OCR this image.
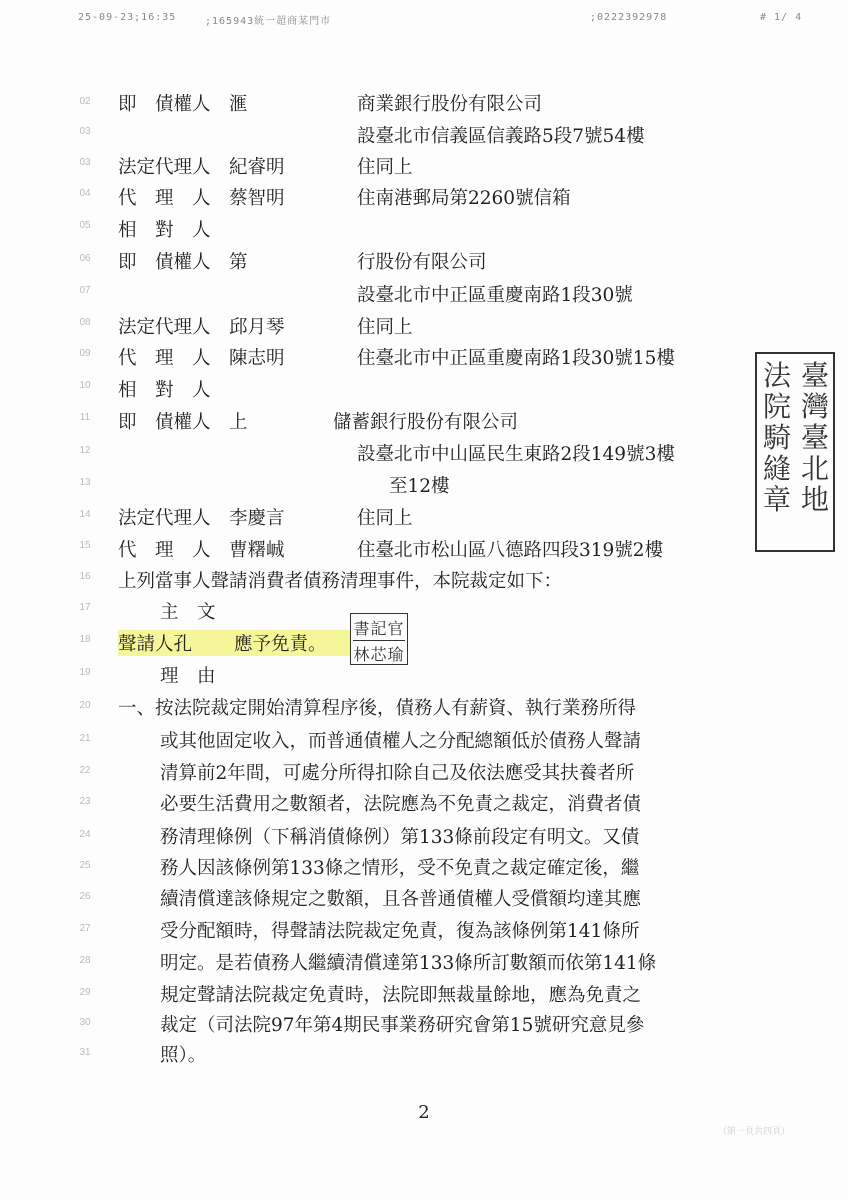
25-09-23;16:35	;165943統一超商某門市	;0222392978	# 1/ 4
02
03
03
04
05
06
07
08
09
10
11
12
13
14
15
16
17
18
19
20
21
22
23
24
25
26
27
28
29
30
31
即　債權人　滙	商業銀行股份有限公司
設臺北市信義區信義路5段7號54樓
法定代理人　紀睿明	住同上
代　理　人　蔡智明	住南港郵局第2260號信箱
相　對　人
即　債權人　第	行股份有限公司
設臺北市中正區重慶南路1段30號
法定代理人　邱月琴	住同上
代　理　人　陳志明	住臺北市中正區重慶南路1段30號15樓
相　對　人
即　債權人　上	儲蓄銀行股份有限公司
設臺北市中山區民生東路2段149號3樓
至12樓
法定代理人　李慶言	住同上
代　理　人　曹糬峸	住臺北市松山區八德路四段319號2樓
上列當事人聲請消費者債務清理事件，本院裁定如下：
主　文
聲請人孔 應予免責。
書記官
林芯瑜
理　由
一、按法院裁定開始清算程序後，債務人有薪資、執行業務所得
或其他固定收入，而普通債權人之分配總額低於債務人聲請
清算前2年間，可處分所得扣除自己及依法應受其扶養者所
必要生活費用之數額者，法院應為不免責之裁定，消費者債
務清理條例（下稱消債條例）第133條前段定有明文。又債
務人因該條例第133條之情形，受不免責之裁定確定後，繼
續清償達該條規定之數額，且各普通債權人受償額均達其應
受分配額時，得聲請法院裁定免責，復為該條例第141條所
明定。是若債務人繼續清償達第133條所訂數額而依第141條
規定聲請法院裁定免責時，法院即無裁量餘地，應為免責之
裁定（司法院97年第4期民事業務研究會第15號研究意見參
照）。
法院騎縫章
臺灣臺北地
2
（第一頁共四頁）
